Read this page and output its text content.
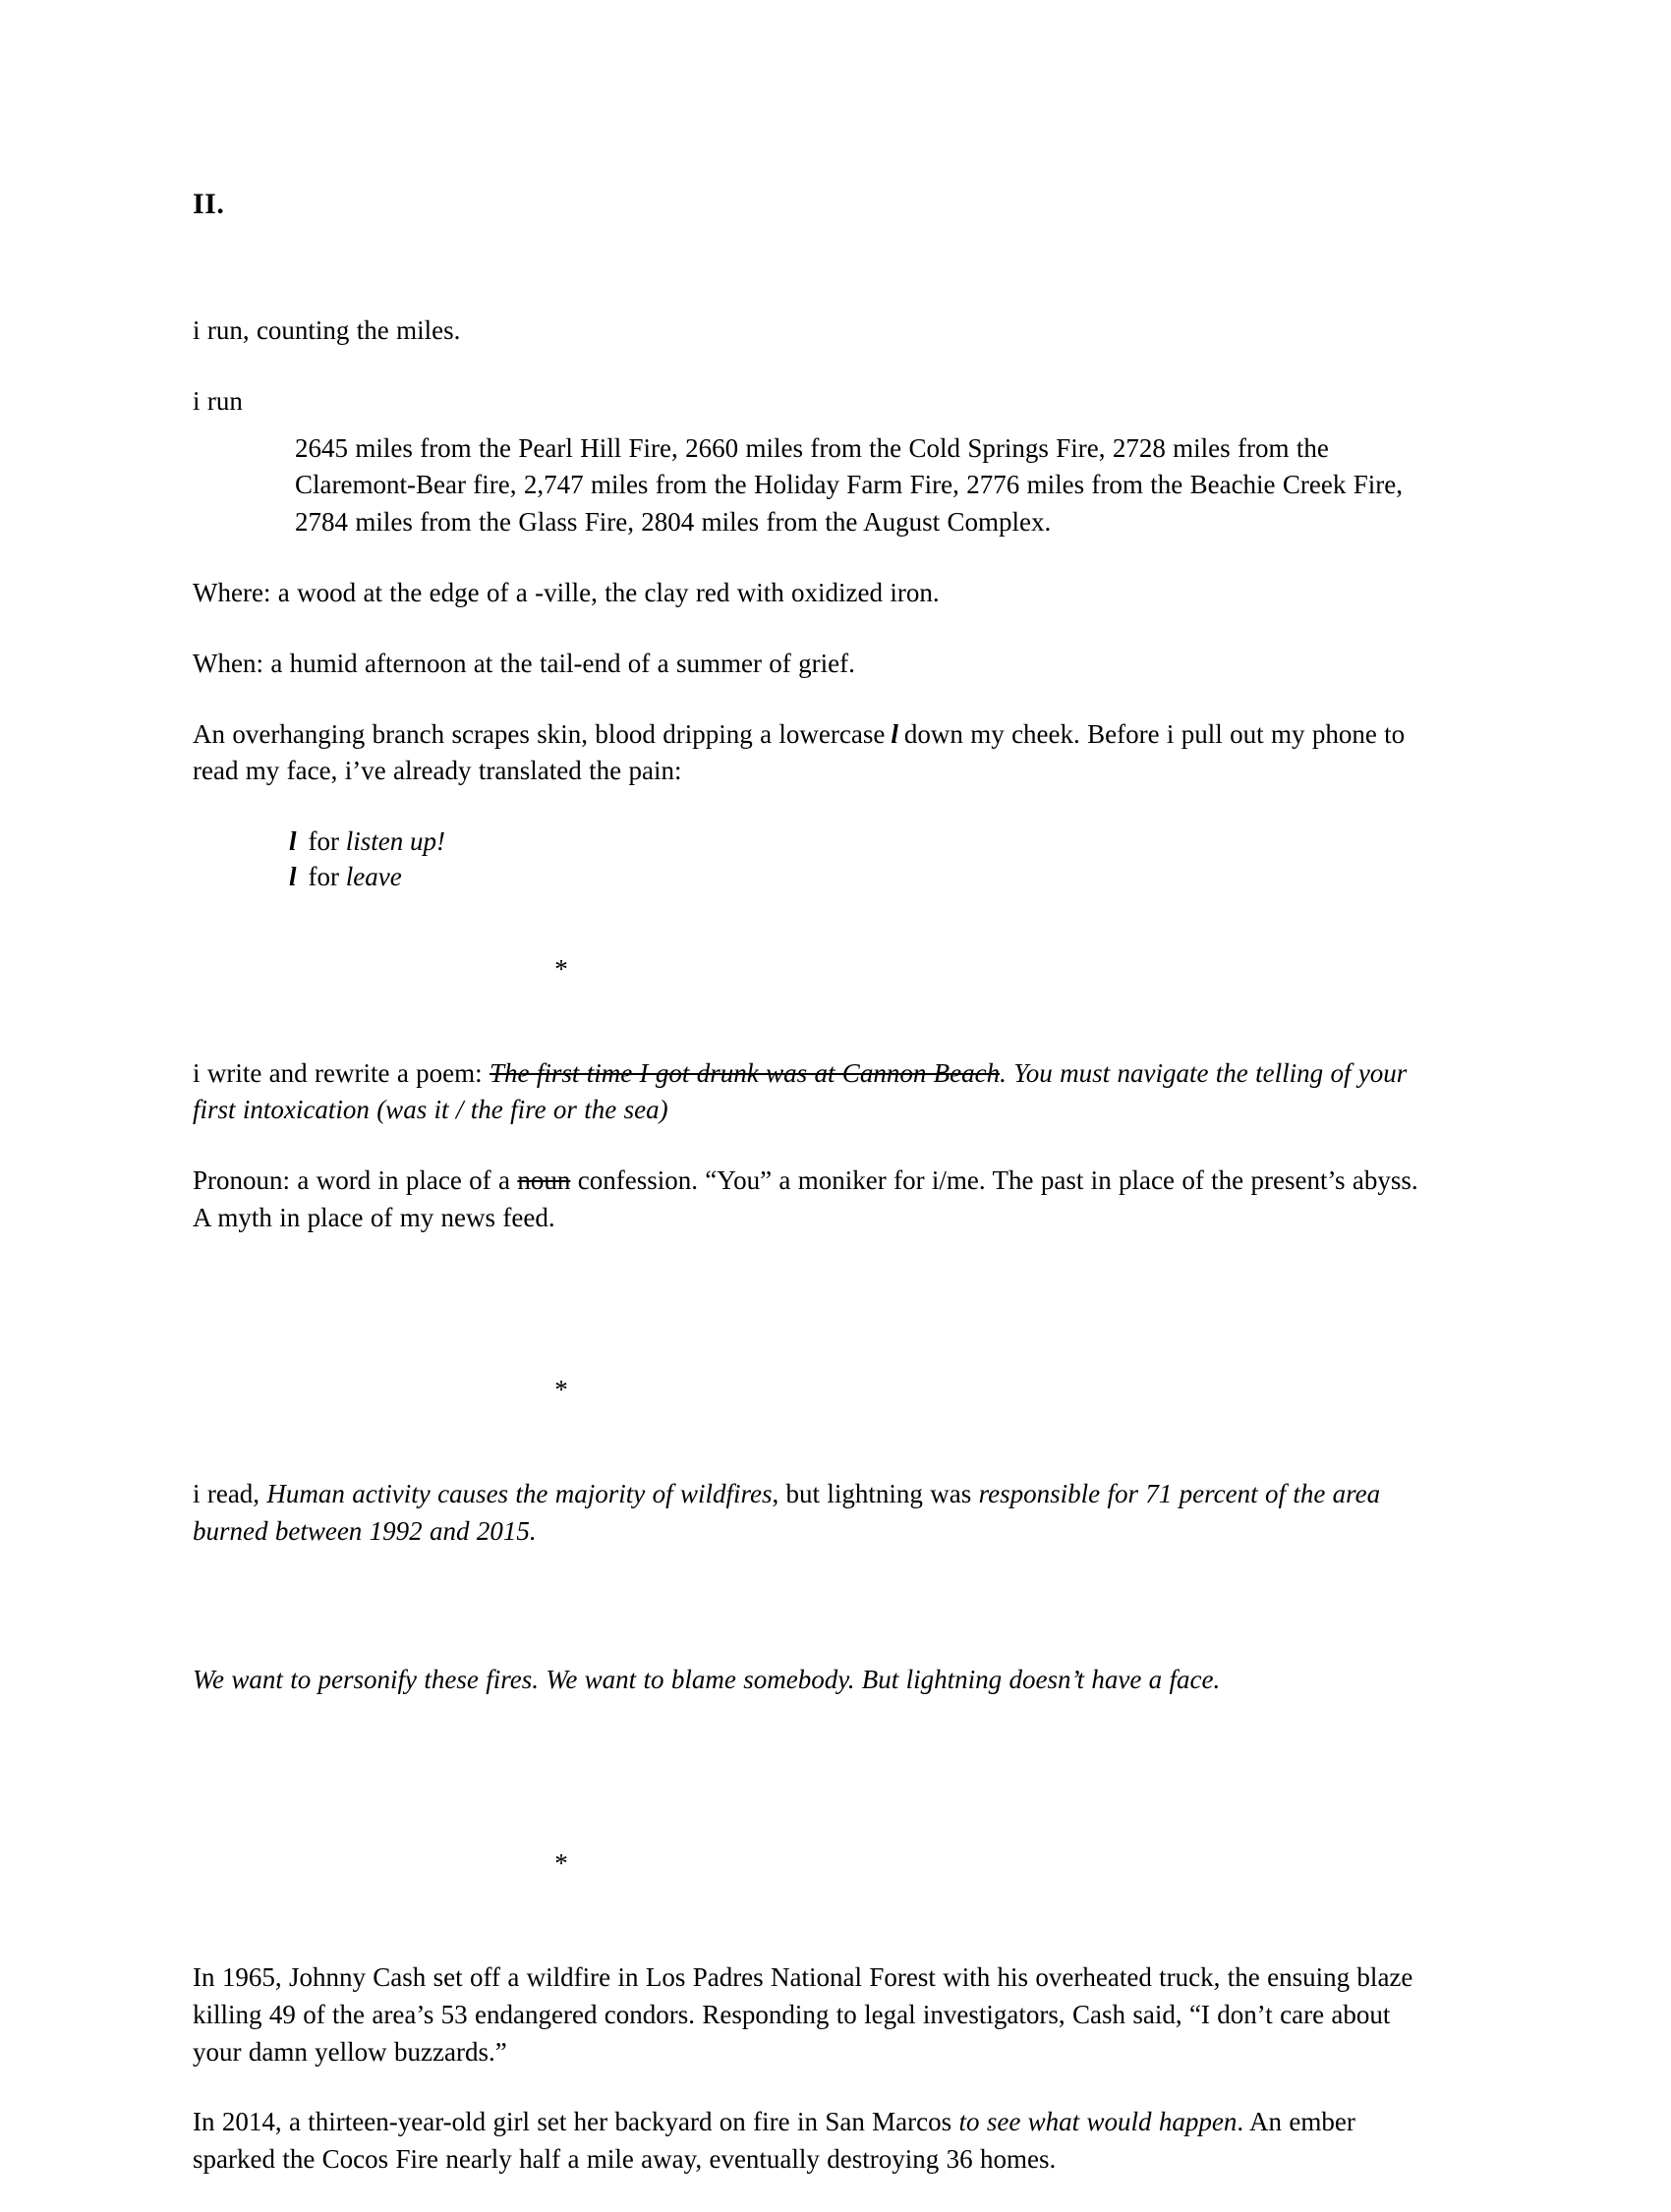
II.

i run, counting the miles.

i run

2645 miles from the Pearl Hill Fire, 2660 miles from the Cold Springs Fire, 2728 miles from the Claremont-Bear fire, 2,747 miles from the Holiday Farm Fire, 2776 miles from the Beachie Creek Fire, 2784 miles from the Glass Fire, 2804 miles from the August Complex.

Where: a wood at the edge of a -ville, the clay red with oxidized iron.

When: a humid afternoon at the tail-end of a summer of grief.

An overhanging branch scrapes skin, blood dripping a lowercase l down my cheek. Before i pull out my phone to read my face, i’ve already translated the pain:

l for listen up!
l for leave

*

i write and rewrite a poem: The first time I got drunk was at Cannon Beach. You must navigate the telling of your first intoxication (was it / the fire or the sea)

Pronoun: a word in place of a noun confession. “You” a moniker for i/me. The past in place of the present’s abyss. A myth in place of my news feed.

*

i read, Human activity causes the majority of wildfires, but lightning was responsible for 71 percent of the area burned between 1992 and 2015.

We want to personify these fires. We want to blame somebody. But lightning doesn’t have a face.

*

In 1965, Johnny Cash set off a wildfire in Los Padres National Forest with his overheated truck, the ensuing blaze killing 49 of the area’s 53 endangered condors. Responding to legal investigators, Cash said, “I don’t care about your damn yellow buzzards.”

In 2014, a thirteen-year-old girl set her backyard on fire in San Marcos to see what would happen. An ember sparked the Cocos Fire nearly half a mile away, eventually destroying 36 homes.
